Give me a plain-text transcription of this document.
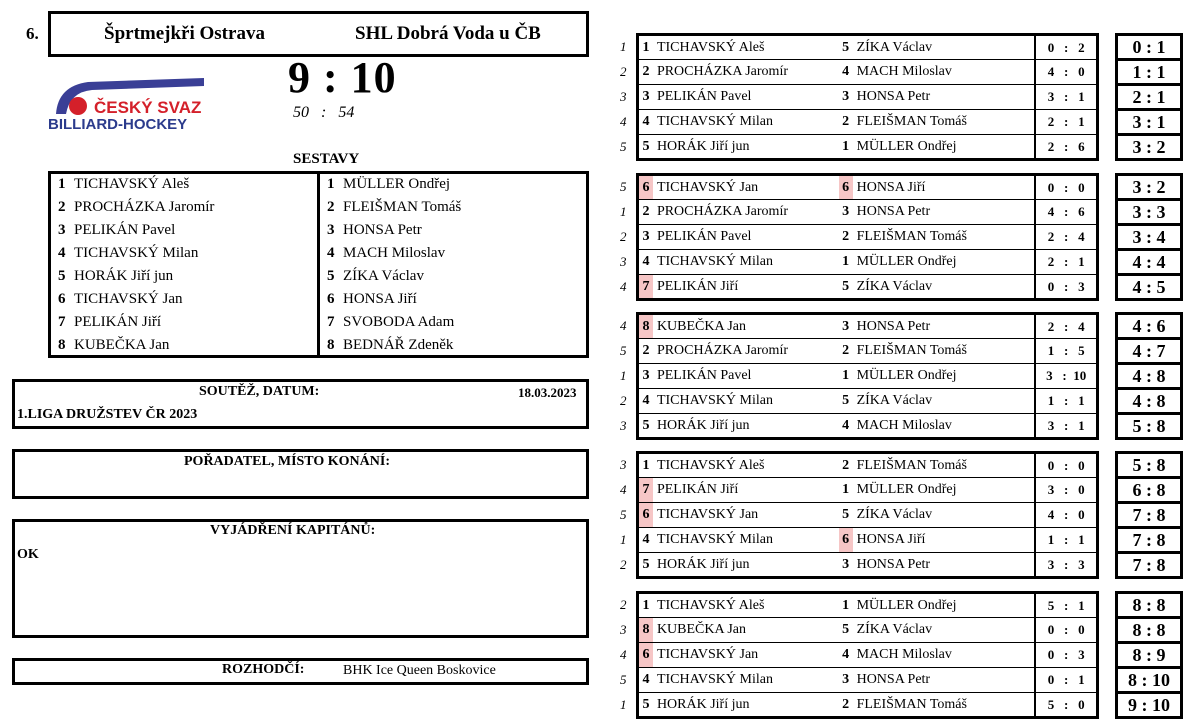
6.	Šprtmejkři Ostrava	SHL Dobrá Voda u ČB
ČESKÝ SVAZ
BILLIARD-HOCKEY
9 : 10
50   :   54
SESTAVY
1 TICHAVSKÝ Aleš
2 PROCHÁZKA Jaromír
3 PELIKÁN Pavel
4 TICHAVSKÝ Milan
5 HORÁK Jiří jun
6 TICHAVSKÝ Jan
7 PELIKÁN Jiří
8 KUBEČKA Jan
1 MÜLLER Ondřej
2 FLEIŠMAN Tomáš
3 HONSA Petr
4 MACH Miloslav
5 ZÍKA Václav
6 HONSA Jiří
7 SVOBODA Adam
8 BEDNÁŘ Zdeněk
SOUTĚŽ, DATUM:	18.03.2023
1.LIGA DRUŽSTEV ČR 2023
POŘADATEL, MÍSTO KONÁNÍ:
VYJÁDŘENÍ KAPITÁNŮ:
OK
ROZHODČÍ:	BHK Ice Queen Boskovice
1	1	TICHAVSKÝ Aleš	5	ZÍKA Václav	0   :   2		0 : 1
2	2	PROCHÁZKA Jaromír	4	MACH Miloslav	4   :   0		1 : 1
3	3	PELIKÁN Pavel	3	HONSA Petr	3   :   1		2 : 1
4	4	TICHAVSKÝ Milan	2	FLEIŠMAN Tomáš	2   :   1		3 : 1
5	5	HORÁK Jiří jun	1	MÜLLER Ondřej	2   :   6		3 : 2
5	6	TICHAVSKÝ Jan	6	HONSA Jiří	0   :   0		3 : 2
1	2	PROCHÁZKA Jaromír	3	HONSA Petr	4   :   6		3 : 3
2	3	PELIKÁN Pavel	2	FLEIŠMAN Tomáš	2   :   4		3 : 4
3	4	TICHAVSKÝ Milan	1	MÜLLER Ondřej	2   :   1		4 : 4
4	7	PELIKÁN Jiří	5	ZÍKA Václav	0   :   3		4 : 5
4	8	KUBEČKA Jan	3	HONSA Petr	2   :   4		4 : 6
5	2	PROCHÁZKA Jaromír	2	FLEIŠMAN Tomáš	1   :   5		4 : 7
1	3	PELIKÁN Pavel	1	MÜLLER Ondřej	3   :  10		4 : 8
2	4	TICHAVSKÝ Milan	5	ZÍKA Václav	1   :   1		4 : 8
3	5	HORÁK Jiří jun	4	MACH Miloslav	3   :   1		5 : 8
3	1	TICHAVSKÝ Aleš	2	FLEIŠMAN Tomáš	0   :   0		5 : 8
4	7	PELIKÁN Jiří	1	MÜLLER Ondřej	3   :   0		6 : 8
5	6	TICHAVSKÝ Jan	5	ZÍKA Václav	4   :   0		7 : 8
1	4	TICHAVSKÝ Milan	6	HONSA Jiří	1   :   1		7 : 8
2	5	HORÁK Jiří jun	3	HONSA Petr	3   :   3		7 : 8
2	1	TICHAVSKÝ Aleš	1	MÜLLER Ondřej	5   :   1		8 : 8
3	8	KUBEČKA Jan	5	ZÍKA Václav	0   :   0		8 : 8
4	6	TICHAVSKÝ Jan	4	MACH Miloslav	0   :   3		8 : 9
5	4	TICHAVSKÝ Milan	3	HONSA Petr	0   :   1		8 : 10
1	5	HORÁK Jiří jun	2	FLEIŠMAN Tomáš	5   :   0		9 : 10
